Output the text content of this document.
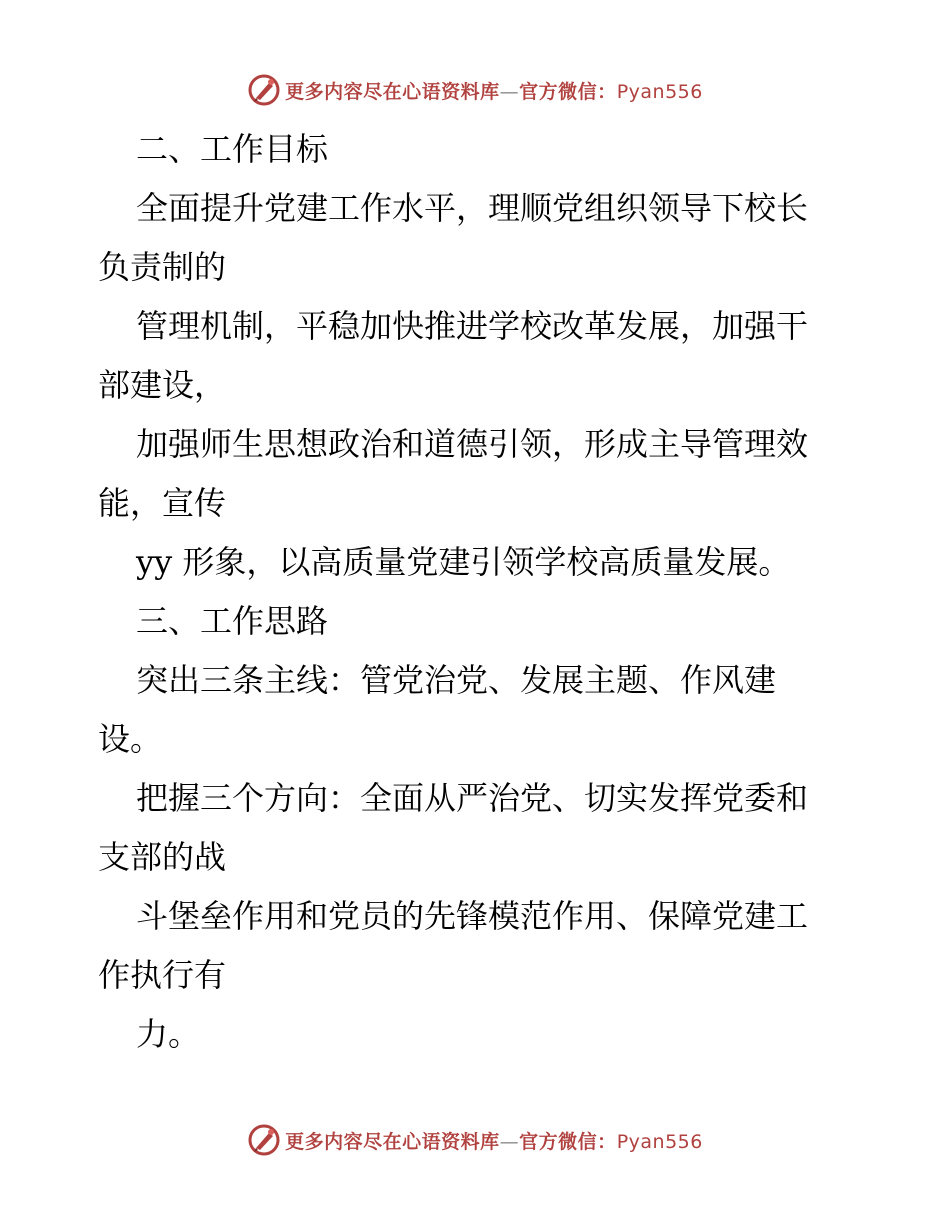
更多内容尽在心语资料库—官方微信：Pyan556
二、工作目标
全面提升党建工作水平，理顺党组织领导下校长
负责制的
管理机制，平稳加快推进学校改革发展，加强干
部建设，
加强师生思想政治和道德引领，形成主导管理效
能，宣传
yy 形象，以高质量党建引领学校高质量发展。
三、工作思路
突出三条主线：管党治党、发展主题、作风建
设。
把握三个方向：全面从严治党、切实发挥党委和
支部的战
斗堡垒作用和党员的先锋模范作用、保障党建工
作执行有
力。
更多内容尽在心语资料库—官方微信：Pyan556
